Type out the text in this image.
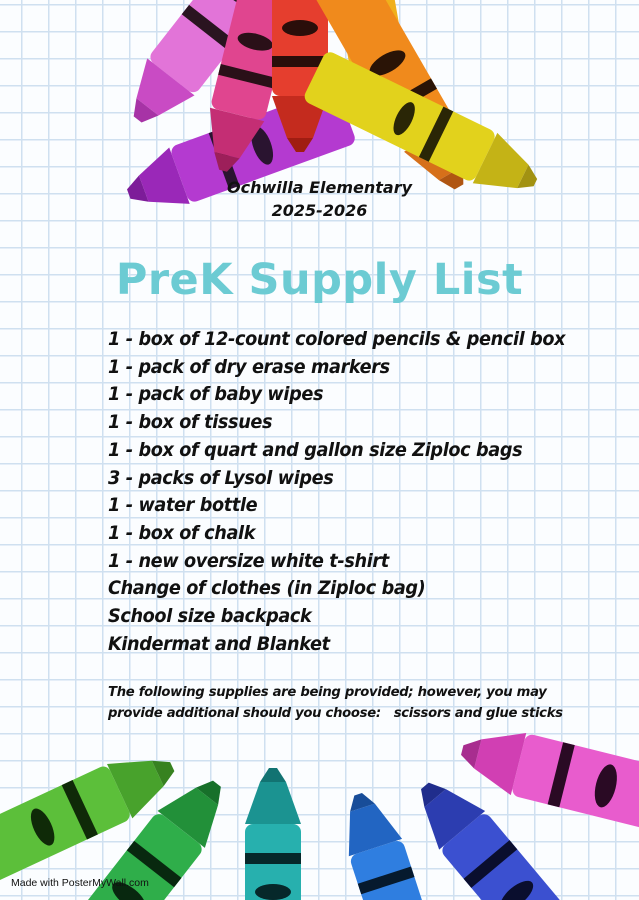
Ochwilla Elementary
2025-2026
PreK Supply List
1 - box of 12-count colored pencils & pencil box
1 - pack of dry erase markers
1 - pack of baby wipes
1 - box of tissues
1 - box of quart and gallon size Ziploc bags
3 - packs of Lysol wipes
1 - water bottle
1 - box of chalk
1 - new oversize white t-shirt
Change of clothes (in Ziploc bag)
School size backpack
Kindermat and Blanket
The following supplies are being provided; however, you may
provide additional should you choose:   scissors and glue sticks
Made with PosterMyWall.com
